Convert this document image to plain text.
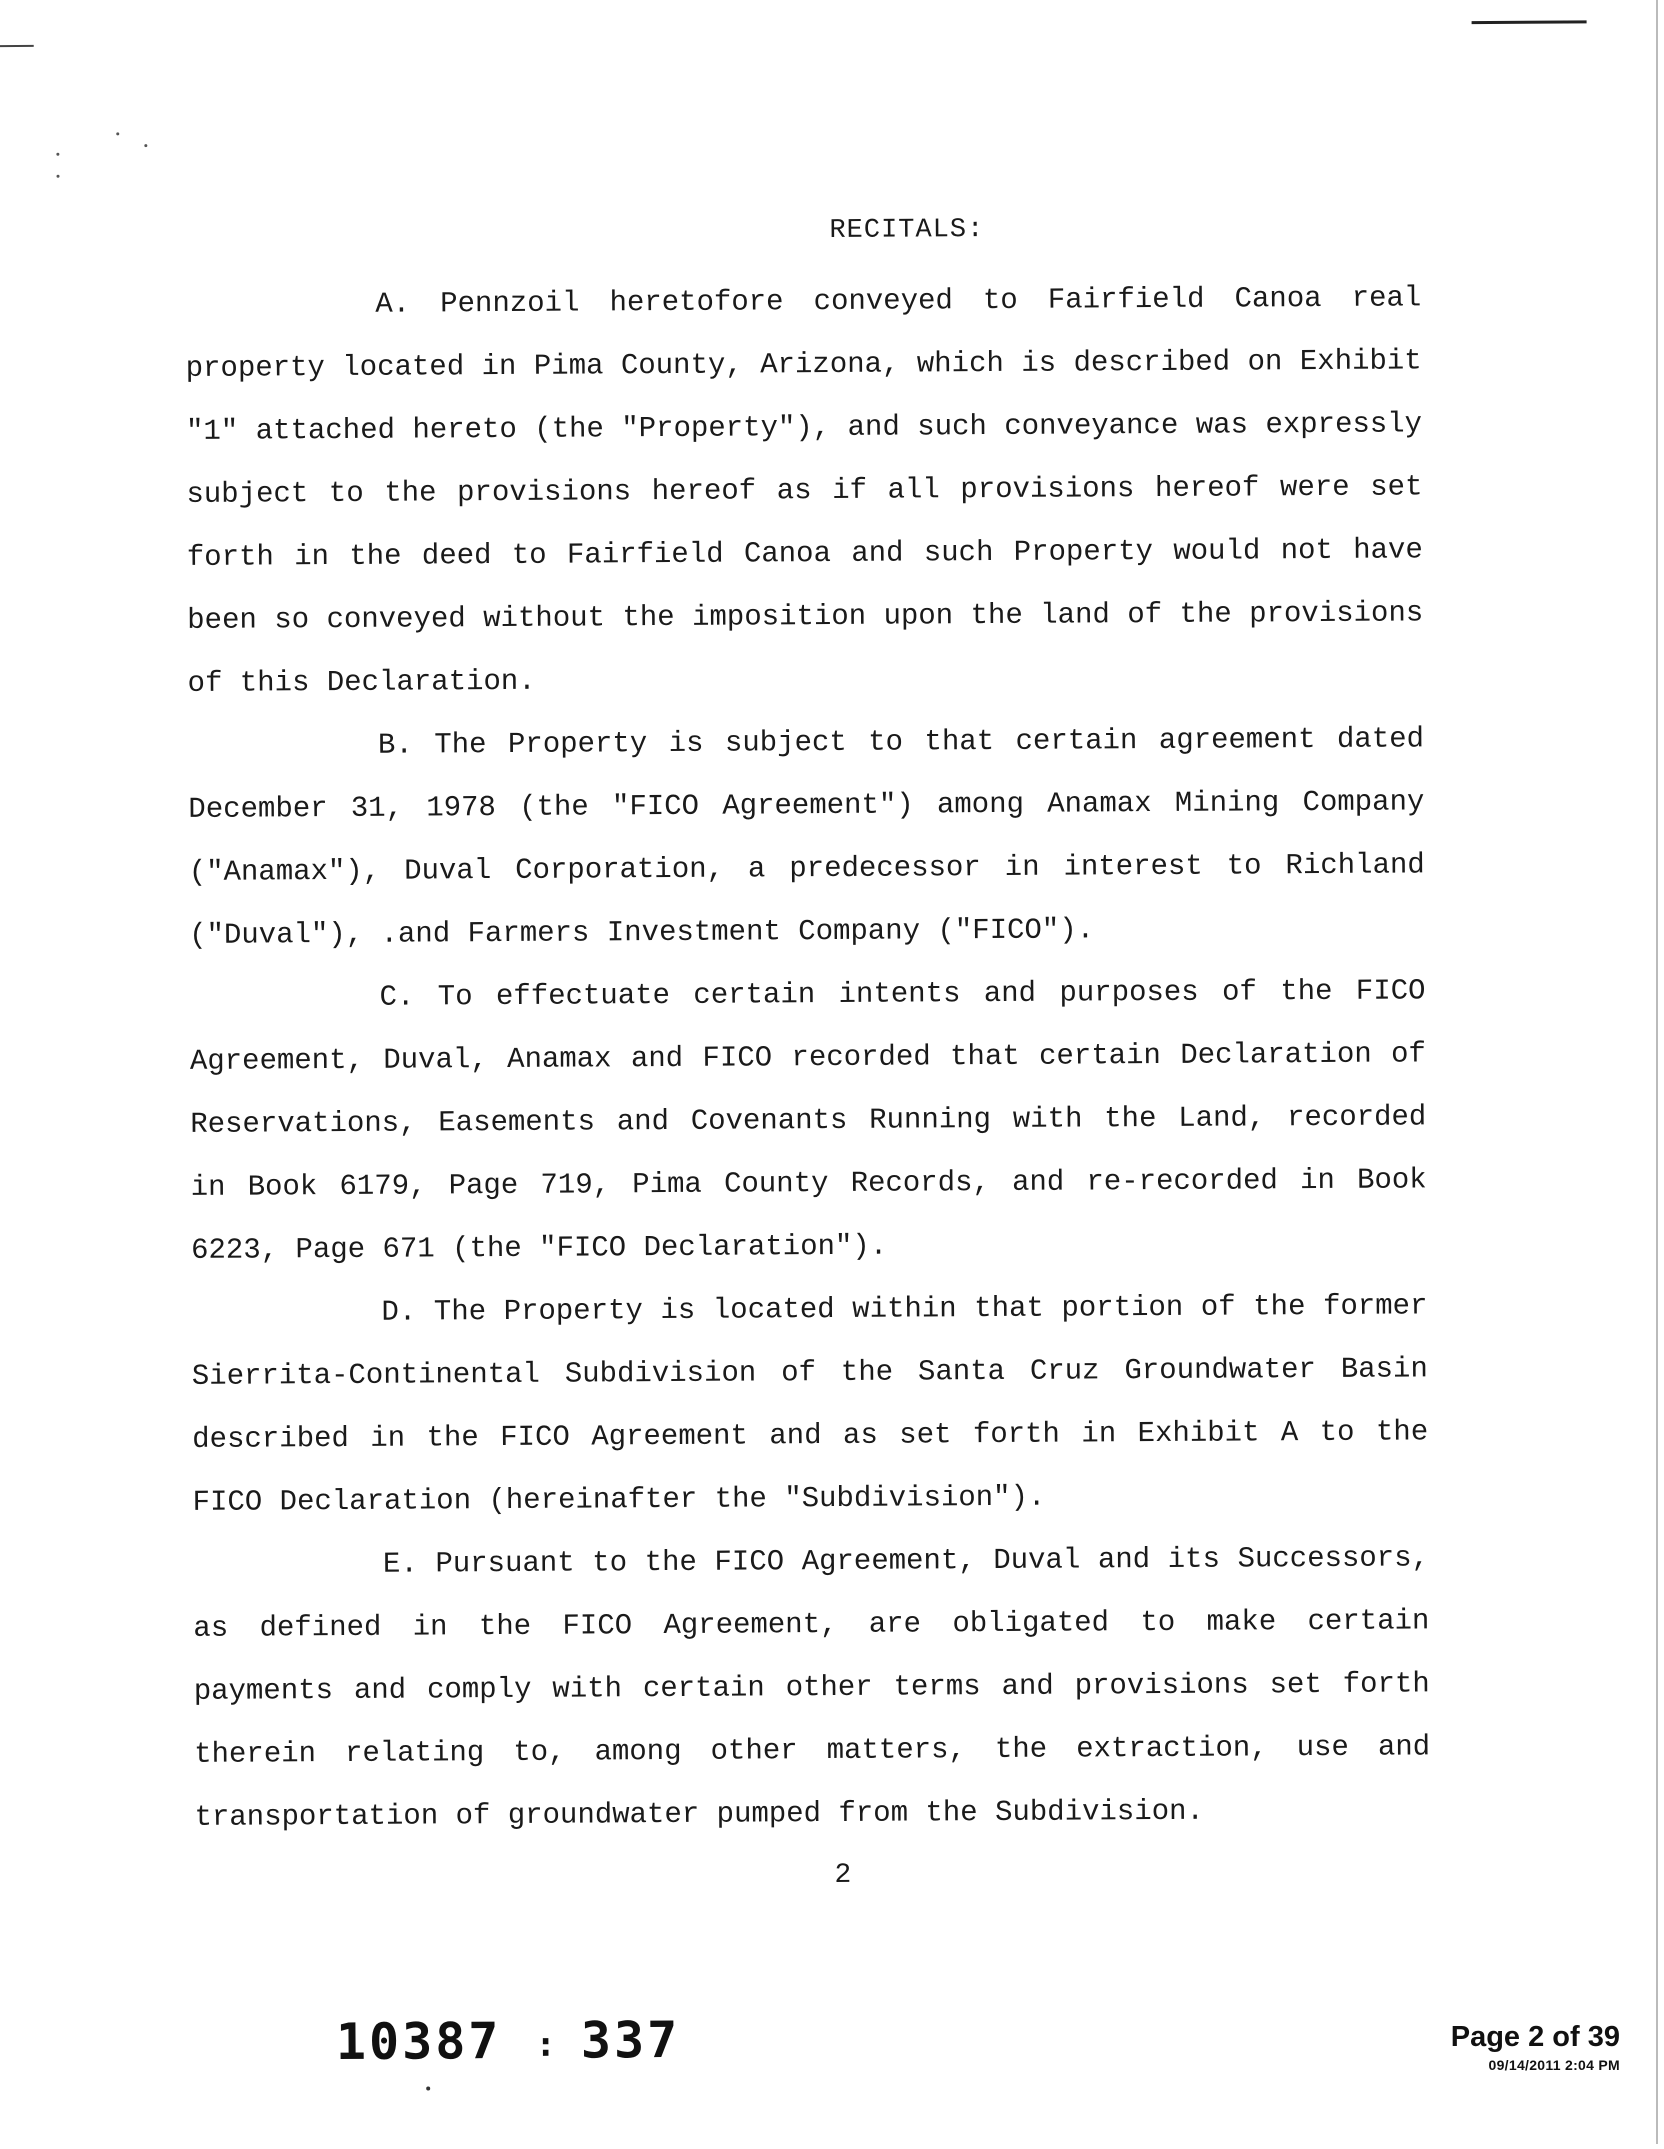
RECITALS:

A. Pennzoil heretofore conveyed to Fairfield Canoa real property located in Pima County, Arizona, which is described on Exhibit "1" attached hereto (the "Property"), and such conveyance was expressly subject to the provisions hereof as if all provisions hereof were set forth in the deed to Fairfield Canoa and such Property would not have been so conveyed without the imposition upon the land of the provisions of this Declaration.

B. The Property is subject to that certain agreement dated December 31, 1978 (the "FICO Agreement") among Anamax Mining Company ("Anamax"), Duval Corporation, a predecessor in interest to Richland ("Duval"), .and Farmers Investment Company ("FICO").

C. To effectuate certain intents and purposes of the FICO Agreement, Duval, Anamax and FICO recorded that certain Declaration of Reservations, Easements and Covenants Running with the Land, recorded in Book 6179, Page 719, Pima County Records, and re-recorded in Book 6223, Page 671 (the "FICO Declaration").

D. The Property is located within that portion of the former Sierrita-Continental Subdivision of the Santa Cruz Groundwater Basin described in the FICO Agreement and as set forth in Exhibit A to the FICO Declaration (hereinafter the "Subdivision").

E. Pursuant to the FICO Agreement, Duval and its Successors, as defined in the FICO Agreement, are obligated to make certain payments and comply with certain other terms and provisions set forth therein relating to, among other matters, the extraction, use and transportation of groundwater pumped from the Subdivision.

2
10387 : 337	Page 2 of 39
09/14/2011 2:04 PM
